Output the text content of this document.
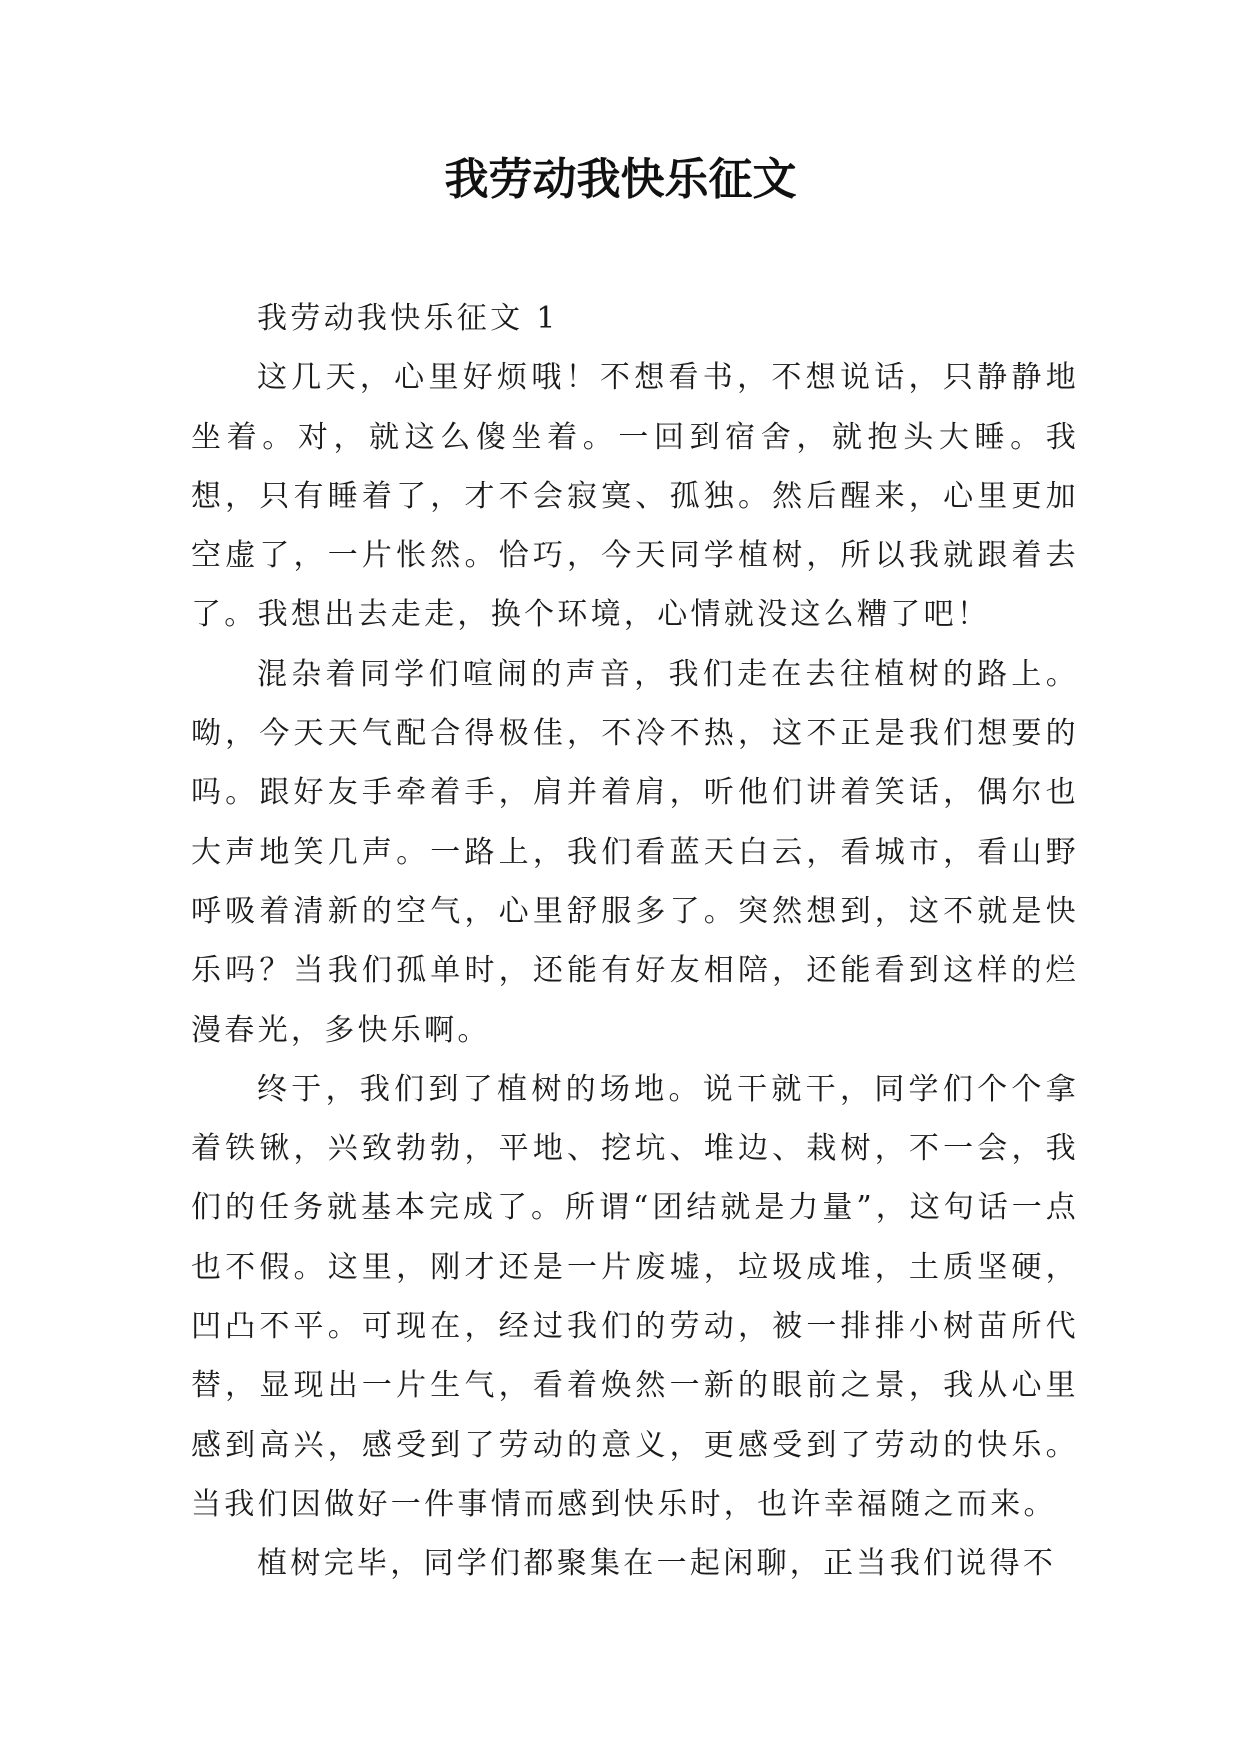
我劳动我快乐征文

我劳动我快乐征文 1

这几天，心里好烦哦！不想看书，不想说话，只静静地坐着。对，就这么傻坐着。一回到宿舍，就抱头大睡。我想，只有睡着了，才不会寂寞、孤独。然后醒来，心里更加空虚了，一片怅然。恰巧，今天同学植树，所以我就跟着去了。我想出去走走，换个环境，心情就没这么糟了吧！

混杂着同学们喧闹的声音，我们走在去往植树的路上。呦，今天天气配合得极佳，不冷不热，这不正是我们想要的吗。跟好友手牵着手，肩并着肩，听他们讲着笑话，偶尔也大声地笑几声。一路上，我们看蓝天白云，看城市，看山野呼吸着清新的空气，心里舒服多了。突然想到，这不就是快乐吗？当我们孤单时，还能有好友相陪，还能看到这样的烂漫春光，多快乐啊。

终于，我们到了植树的场地。说干就干，同学们个个拿着铁锹，兴致勃勃，平地、挖坑、堆边、栽树，不一会，我们的任务就基本完成了。所谓“团结就是力量”，这句话一点也不假。这里，刚才还是一片废墟，垃圾成堆，土质坚硬，凹凸不平。可现在，经过我们的劳动，被一排排小树苗所代替，显现出一片生气，看着焕然一新的眼前之景，我从心里感到高兴，感受到了劳动的意义，更感受到了劳动的快乐。当我们因做好一件事情而感到快乐时，也许幸福随之而来。

植树完毕，同学们都聚集在一起闲聊，正当我们说得不
